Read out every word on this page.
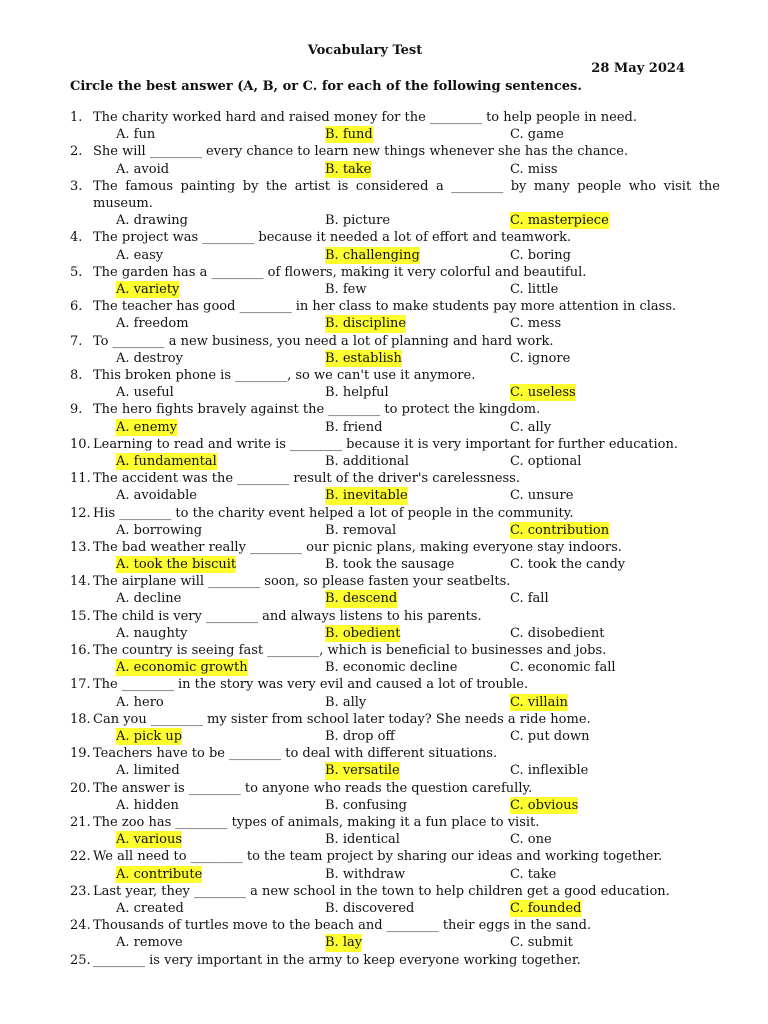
Vocabulary Test
28 May 2024
Circle the best answer (A, B, or C. for each of the following sentences.
1. The charity worked hard and raised money for the ________ to help people in need.
A. fun	B. fund	C. game
2. She will ________ every chance to learn new things whenever she has the chance.
A. avoid	B. take	C. miss
3. The famous painting by the artist is considered a ________ by many people who visit the museum.
A. drawing	B. picture	C. masterpiece
4. The project was ________ because it needed a lot of effort and teamwork.
A. easy	B. challenging	C. boring
5. The garden has a ________ of flowers, making it very colorful and beautiful.
A. variety	B. few	C. little
6. The teacher has good ________ in her class to make students pay more attention in class.
A. freedom	B. discipline	C. mess
7. To ________ a new business, you need a lot of planning and hard work.
A. destroy	B. establish	C. ignore
8. This broken phone is ________, so we can't use it anymore.
A. useful	B. helpful	C. useless
9. The hero fights bravely against the ________ to protect the kingdom.
A. enemy	B. friend	C. ally
10. Learning to read and write is ________ because it is very important for further education.
A. fundamental	B. additional	C. optional
11. The accident was the ________ result of the driver's carelessness.
A. avoidable	B. inevitable	C. unsure
12. His ________ to the charity event helped a lot of people in the community.
A. borrowing	B. removal	C. contribution
13. The bad weather really ________ our picnic plans, making everyone stay indoors.
A. took the biscuit	B. took the sausage	C. took the candy
14. The airplane will ________ soon, so please fasten your seatbelts.
A. decline	B. descend	C. fall
15. The child is very ________ and always listens to his parents.
A. naughty	B. obedient	C. disobedient
16. The country is seeing fast ________, which is beneficial to businesses and jobs.
A. economic growth	B. economic decline	C. economic fall
17. The ________ in the story was very evil and caused a lot of trouble.
A. hero	B. ally	C. villain
18. Can you ________ my sister from school later today? She needs a ride home.
A. pick up	B. drop off	C. put down
19. Teachers have to be ________ to deal with different situations.
A. limited	B. versatile	C. inflexible
20. The answer is ________ to anyone who reads the question carefully.
A. hidden	B. confusing	C. obvious
21. The zoo has ________ types of animals, making it a fun place to visit.
A. various	B. identical	C. one
22. We all need to ________ to the team project by sharing our ideas and working together.
A. contribute	B. withdraw	C. take
23. Last year, they ________ a new school in the town to help children get a good education.
A. created	B. discovered	C. founded
24. Thousands of turtles move to the beach and ________ their eggs in the sand.
A. remove	B. lay	C. submit
25. ________ is very important in the army to keep everyone working together.
